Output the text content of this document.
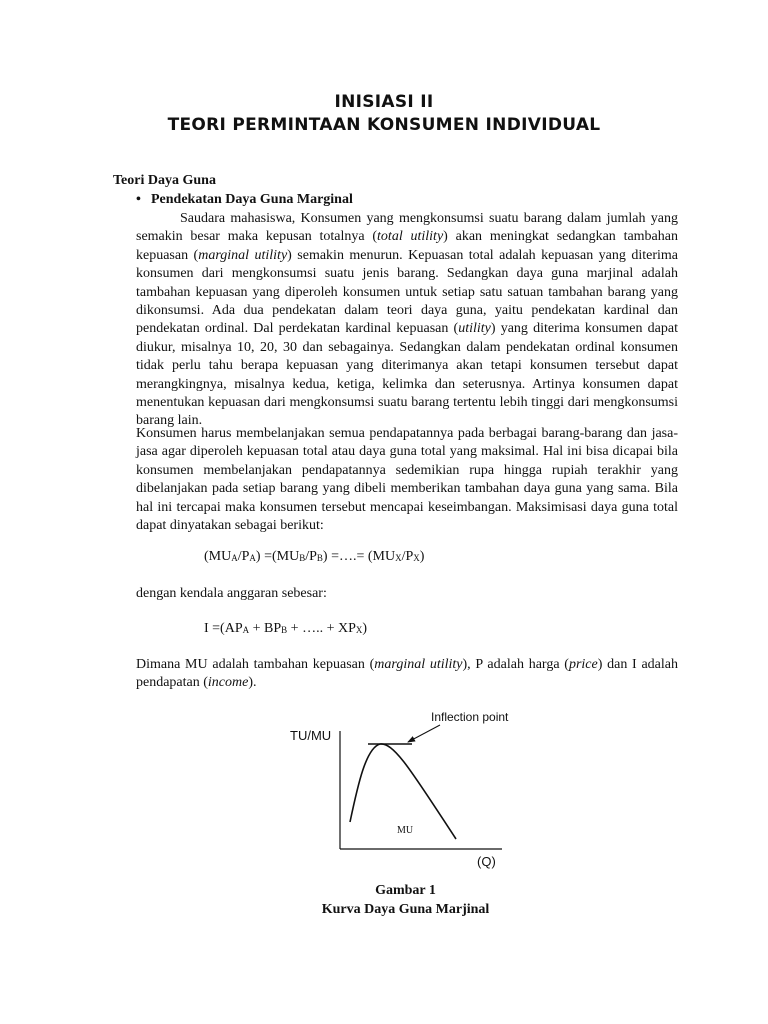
INISIASI II
TEORI PERMINTAAN KONSUMEN INDIVIDUAL
Teori Daya Guna
• Pendekatan Daya Guna Marginal

Saudara mahasiswa, Konsumen yang mengkonsumsi suatu barang dalam jumlah yang semakin besar maka kepusan totalnya (total utility) akan meningkat sedangkan tambahan kepuasan (marginal utility) semakin menurun. Kepuasan total adalah kepuasan yang diterima konsumen dari mengkonsumsi suatu jenis barang. Sedangkan daya guna marjinal adalah tambahan kepuasan yang diperoleh konsumen untuk setiap satu satuan tambahan barang yang dikonsumsi. Ada dua pendekatan dalam teori daya guna, yaitu pendekatan kardinal dan pendekatan ordinal. Dal perdekatan kardinal kepuasan (utility) yang diterima konsumen dapat diukur, misalnya 10, 20, 30 dan sebagainya. Sedangkan dalam pendekatan ordinal konsumen tidak perlu tahu berapa kepuasan yang diterimanya akan tetapi konsumen tersebut dapat merangkingnya, misalnya kedua, ketiga, kelimka dan seterusnya. Artinya konsumen dapat menentukan kepuasan dari mengkonsumsi suatu barang tertentu lebih tinggi dari mengkonsumsi barang lain.

Konsumen harus membelanjakan semua pendapatannya pada berbagai barang-barang dan jasa-jasa agar diperoleh kepuasan total atau daya guna total yang maksimal. Hal ini bisa dicapai bila konsumen membelanjakan pendapatannya sedemikian rupa hingga rupiah terakhir yang dibelanjakan pada setiap barang yang dibeli memberikan tambahan daya guna yang sama. Bila hal ini tercapai maka konsumen tersebut mencapai keseimbangan. Maksimisasi daya guna total dapat dinyatakan sebagai berikut:

$(MU_A/P_A) =(MU_B/P_B)$ =….= $(MU_X/P_X)$
dengan kendala anggaran sebesar:
$I =(AP_A + BP_B$ + ….. + $XP_X$)

Dimana MU adalah tambahan kepuasan (marginal utility), P adalah harga (price) dan I adalah pendapatan (income).

Inflection point
TU/MU
MU
(Q)
Gambar 1
Kurva Daya Guna Marjinal
